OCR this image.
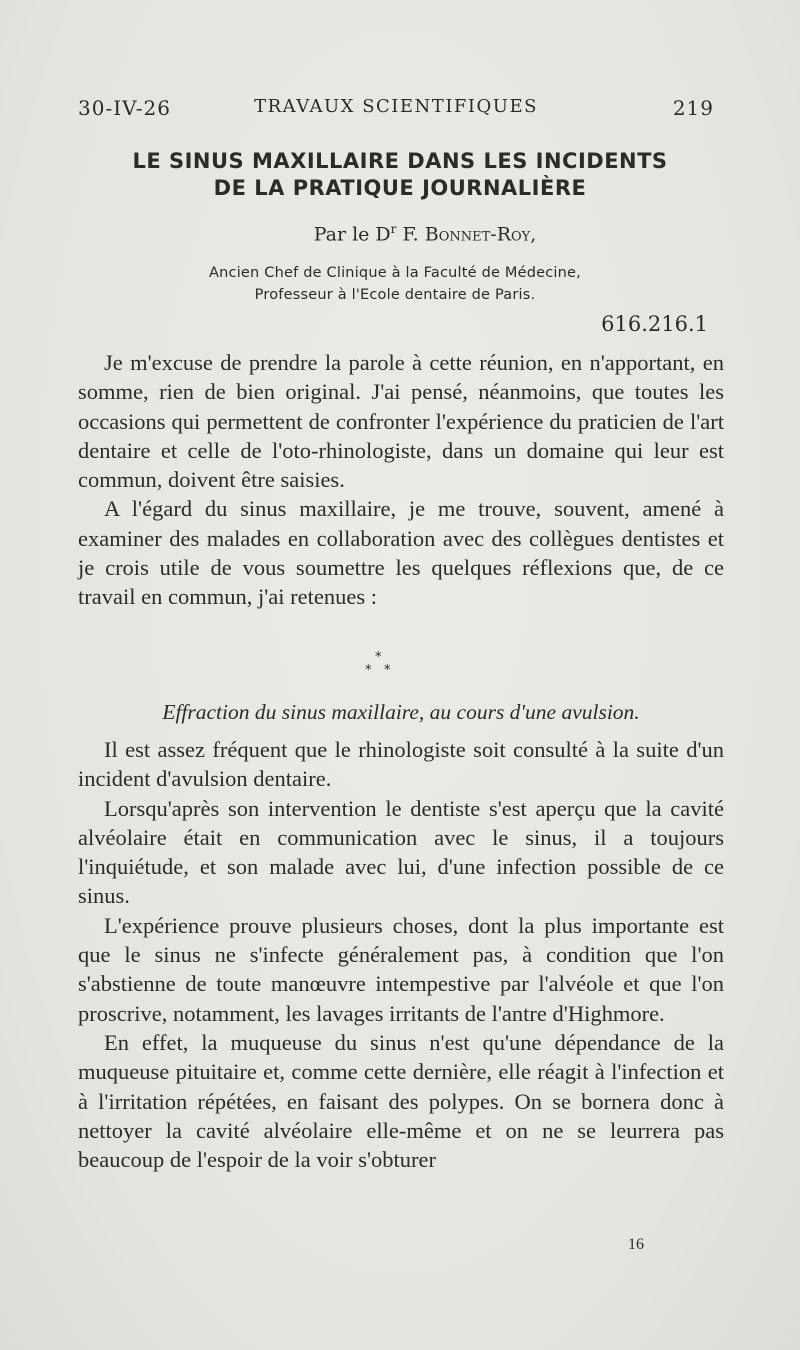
30-IV-26	TRAVAUX SCIENTIFIQUES	219
LE SINUS MAXILLAIRE DANS LES INCIDENTS
DE LA PRATIQUE JOURNALIÈRE
Par le $D^r$ F. Bonnet-Roy,
Ancien Chef de Clinique à la Faculté de Médecine,
Professeur à l'Ecole dentaire de Paris.
616.216.1

Je m'excuse de prendre la parole à cette réunion, en n'apportant, en somme, rien de bien original. J'ai pensé, néanmoins, que toutes les occasions qui permettent de confronter l'expérience du praticien de l'art dentaire et celle de l'oto-rhinologiste, dans un domaine qui leur est commun, doivent être saisies.

A l'égard du sinus maxillaire, je me trouve, souvent, amené à examiner des malades en collaboration avec des collègues dentistes et je crois utile de vous soumettre les quelques réflexions que, de ce travail en commun, j'ai retenues :

*
* *
Effraction du sinus maxillaire, au cours d'une avulsion.

Il est assez fréquent que le rhinologiste soit consulté à la suite d'un incident d'avulsion dentaire.

Lorsqu'après son intervention le dentiste s'est aperçu que la cavité alvéolaire était en communication avec le sinus, il a toujours l'inquiétude, et son malade avec lui, d'une infection possible de ce sinus.

L'expérience prouve plusieurs choses, dont la plus importante est que le sinus ne s'infecte généralement pas, à condition que l'on s'abstienne de toute manœuvre intempestive par l'alvéole et que l'on proscrive, notamment, les lavages irritants de l'antre d'Highmore.

En effet, la muqueuse du sinus n'est qu'une dépendance de la muqueuse pituitaire et, comme cette dernière, elle réagit à l'infection et à l'irritation répétées, en faisant des polypes. On se bornera donc à nettoyer la cavité alvéolaire elle-même et on ne se leurrera pas beaucoup de l'espoir de la voir s'obturer

16
